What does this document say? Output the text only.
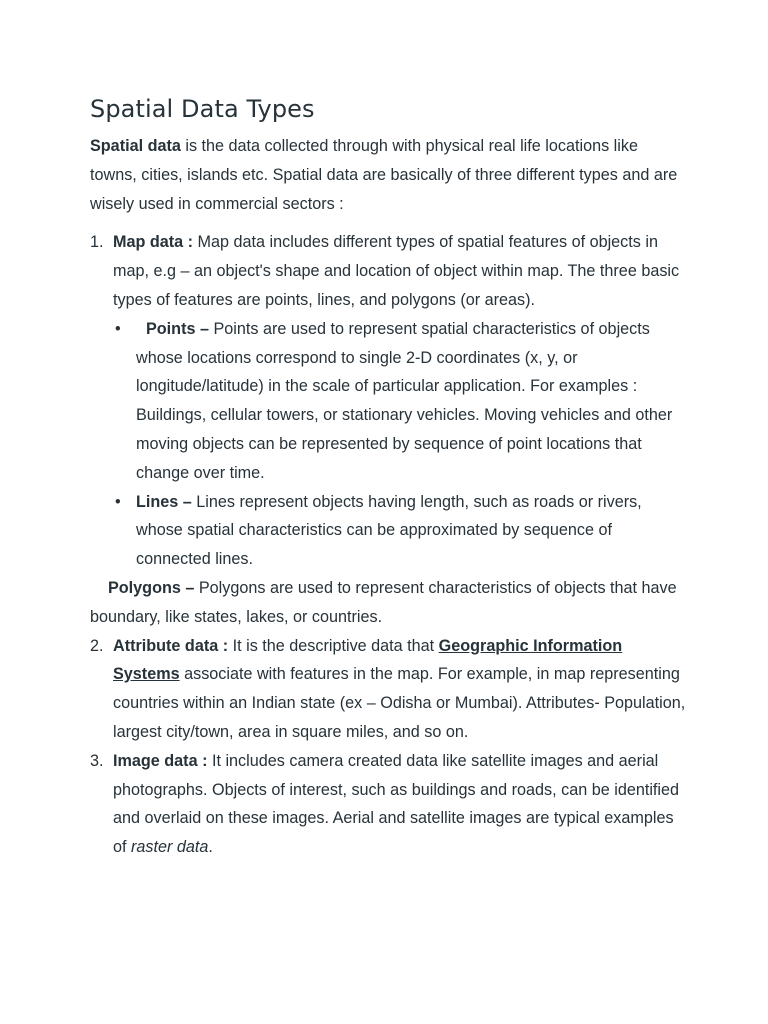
Spatial Data Types

Spatial data is the data collected through with physical real life locations like towns, cities, islands etc. Spatial data are basically of three different types and are wisely used in commercial sectors :

1. Map data : Map data includes different types of spatial features of objects in map, e.g – an object's shape and location of object within map. The three basic types of features are points, lines, and polygons (or areas).
• Points – Points are used to represent spatial characteristics of objects whose locations correspond to single 2-D coordinates (x, y, or longitude/latitude) in the scale of particular application. For examples : Buildings, cellular towers, or stationary vehicles. Moving vehicles and other moving objects can be represented by sequence of point locations that change over time.
• Lines – Lines represent objects having length, such as roads or rivers, whose spatial characteristics can be approximated by sequence of connected lines.

Polygons – Polygons are used to represent characteristics of objects that have boundary, like states, lakes, or countries.

2. Attribute data : It is the descriptive data that Geographic Information Systems associate with features in the map. For example, in map representing countries within an Indian state (ex – Odisha or Mumbai). Attributes- Population, largest city/town, area in square miles, and so on.
3. Image data : It includes camera created data like satellite images and aerial photographs. Objects of interest, such as buildings and roads, can be identified and overlaid on these images. Aerial and satellite images are typical examples of raster data.
